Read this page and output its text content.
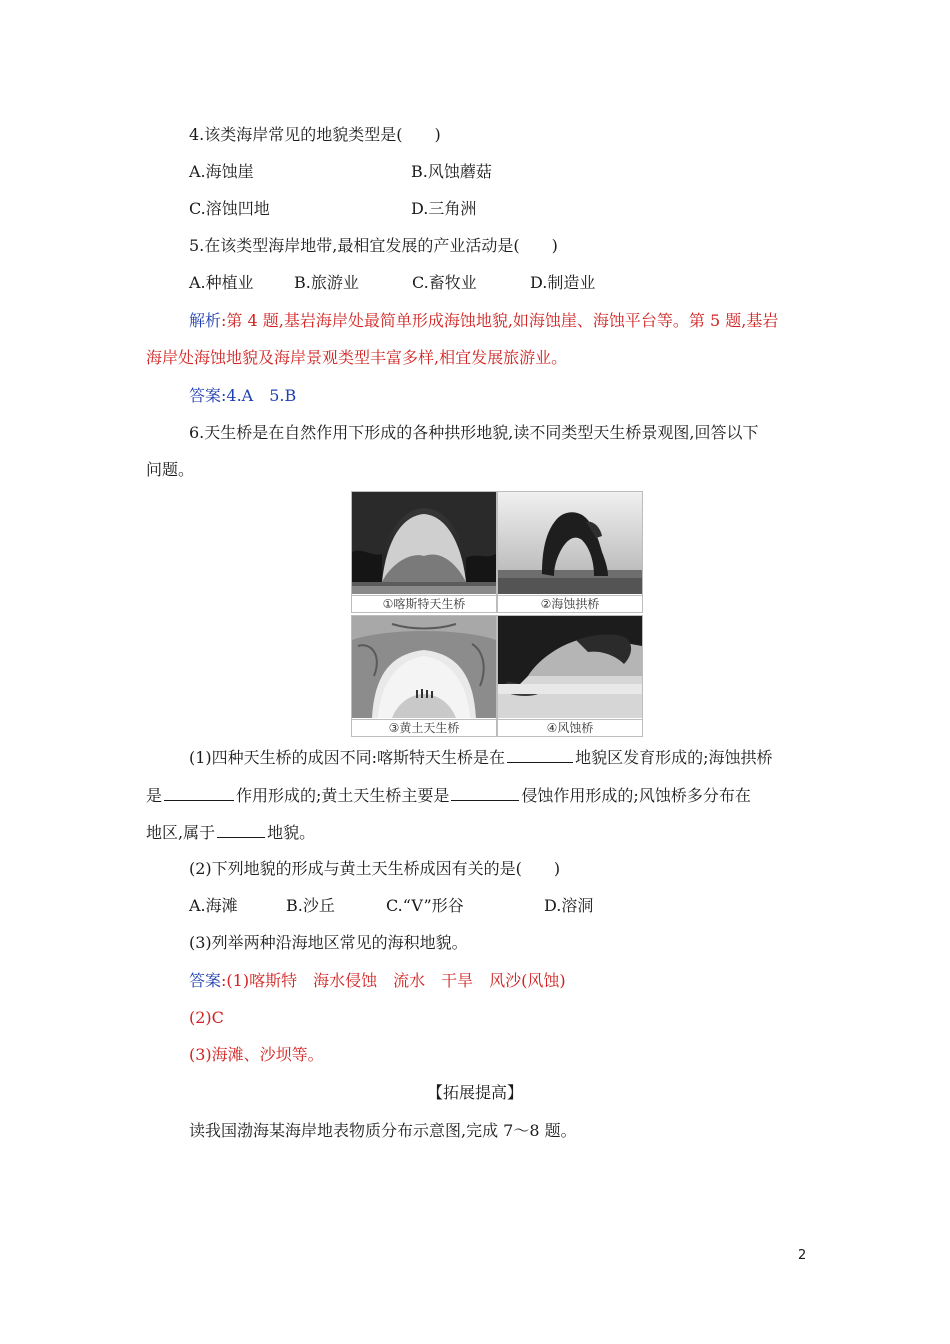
4.该类海岸常见的地貌类型是(　　)
A.海蚀崖	B.风蚀蘑菇
C.溶蚀凹地	D.三角洲
5.在该类型海岸地带,最相宜发展的产业活动是(　　)
A.种植业	B.旅游业	C.畜牧业	D.制造业
解析:第 4 题,基岩海岸处最简单形成海蚀地貌,如海蚀崖、海蚀平台等。第 5 题,基岩
海岸处海蚀地貌及海岸景观类型丰富多样,相宜发展旅游业。
答案:4.A　5.B
6.天生桥是在自然作用下形成的各种拱形地貌,读不同类型天生桥景观图,回答以下
问题。
①喀斯特天生桥	②海蚀拱桥
③黄土天生桥	④风蚀桥
(1)四种天生桥的成因不同:喀斯特天生桥是在	地貌区发育形成的;海蚀拱桥
是	作用形成的;黄土天生桥主要是	侵蚀作用形成的;风蚀桥多分布在
地区,属于	地貌。
(2)下列地貌的形成与黄土天生桥成因有关的是(　　)
A.海滩	B.沙丘	C.“V”形谷	D.溶洞
(3)列举两种沿海地区常见的海积地貌。
答案:(1)喀斯特　海水侵蚀　流水　干旱　风沙(风蚀)
(2)C
(3)海滩、沙坝等。
【拓展提高】
读我国渤海某海岸地表物质分布示意图,完成 7～8 题。
2
